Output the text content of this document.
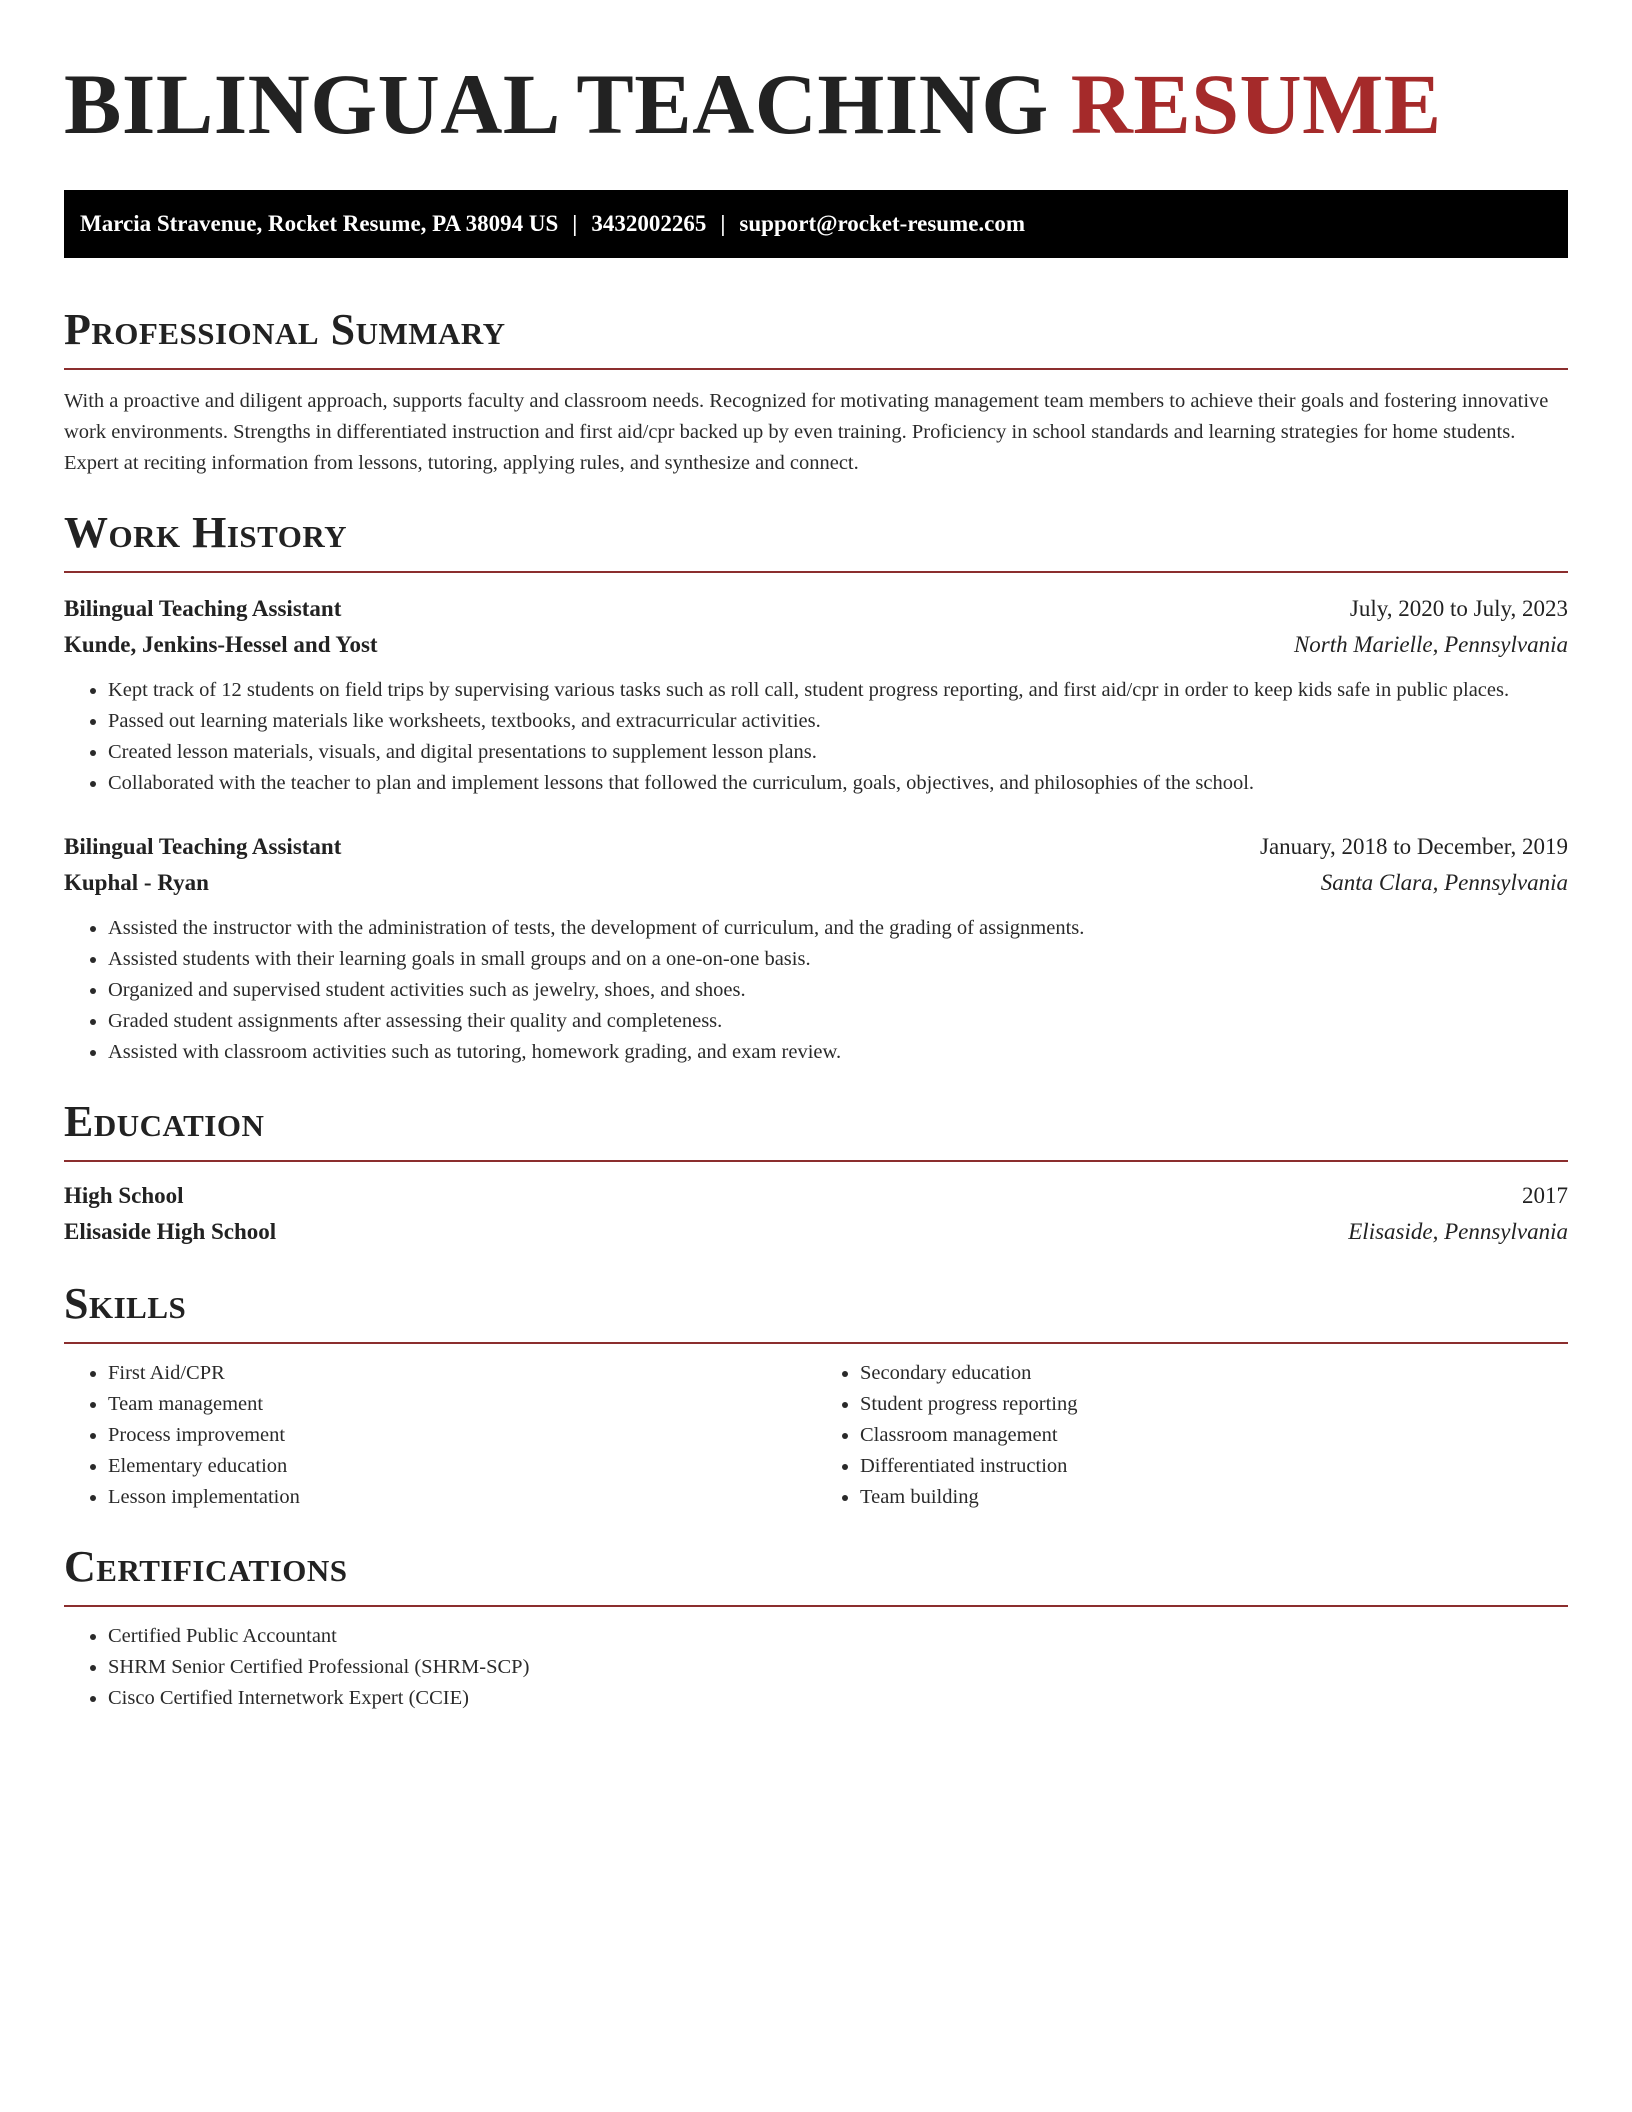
BILINGUAL TEACHING RESUME
Marcia Stravenue, Rocket Resume, PA 38094 US | 3432002265 | support@rocket-resume.com
Professional Summary

With a proactive and diligent approach, supports faculty and classroom needs. Recognized for motivating management team members to achieve their goals and fostering innovative work environments. Strengths in differentiated instruction and first aid/cpr backed up by even training. Proficiency in school standards and learning strategies for home students. Expert at reciting information from lessons, tutoring, applying rules, and synthesize and connect.

Work History
Bilingual Teaching Assistant	July, 2020 to July, 2023
Kunde, Jenkins-Hessel and Yost	North Marielle, Pennsylvania
• Kept track of 12 students on field trips by supervising various tasks such as roll call, student progress reporting, and first aid/cpr in order to keep kids safe in public places.
• Passed out learning materials like worksheets, textbooks, and extracurricular activities.
• Created lesson materials, visuals, and digital presentations to supplement lesson plans.
• Collaborated with the teacher to plan and implement lessons that followed the curriculum, goals, objectives, and philosophies of the school.
Bilingual Teaching Assistant	January, 2018 to December, 2019
Kuphal - Ryan	Santa Clara, Pennsylvania
• Assisted the instructor with the administration of tests, the development of curriculum, and the grading of assignments.
• Assisted students with their learning goals in small groups and on a one-on-one basis.
• Organized and supervised student activities such as jewelry, shoes, and shoes.
• Graded student assignments after assessing their quality and completeness.
• Assisted with classroom activities such as tutoring, homework grading, and exam review.
Education
High School	2017
Elisaside High School	Elisaside, Pennsylvania
Skills
• First Aid/CPR
• Team management
• Process improvement
• Elementary education
• Lesson implementation
• Secondary education
• Student progress reporting
• Classroom management
• Differentiated instruction
• Team building
Certifications
• Certified Public Accountant
• SHRM Senior Certified Professional (SHRM-SCP)
• Cisco Certified Internetwork Expert (CCIE)
